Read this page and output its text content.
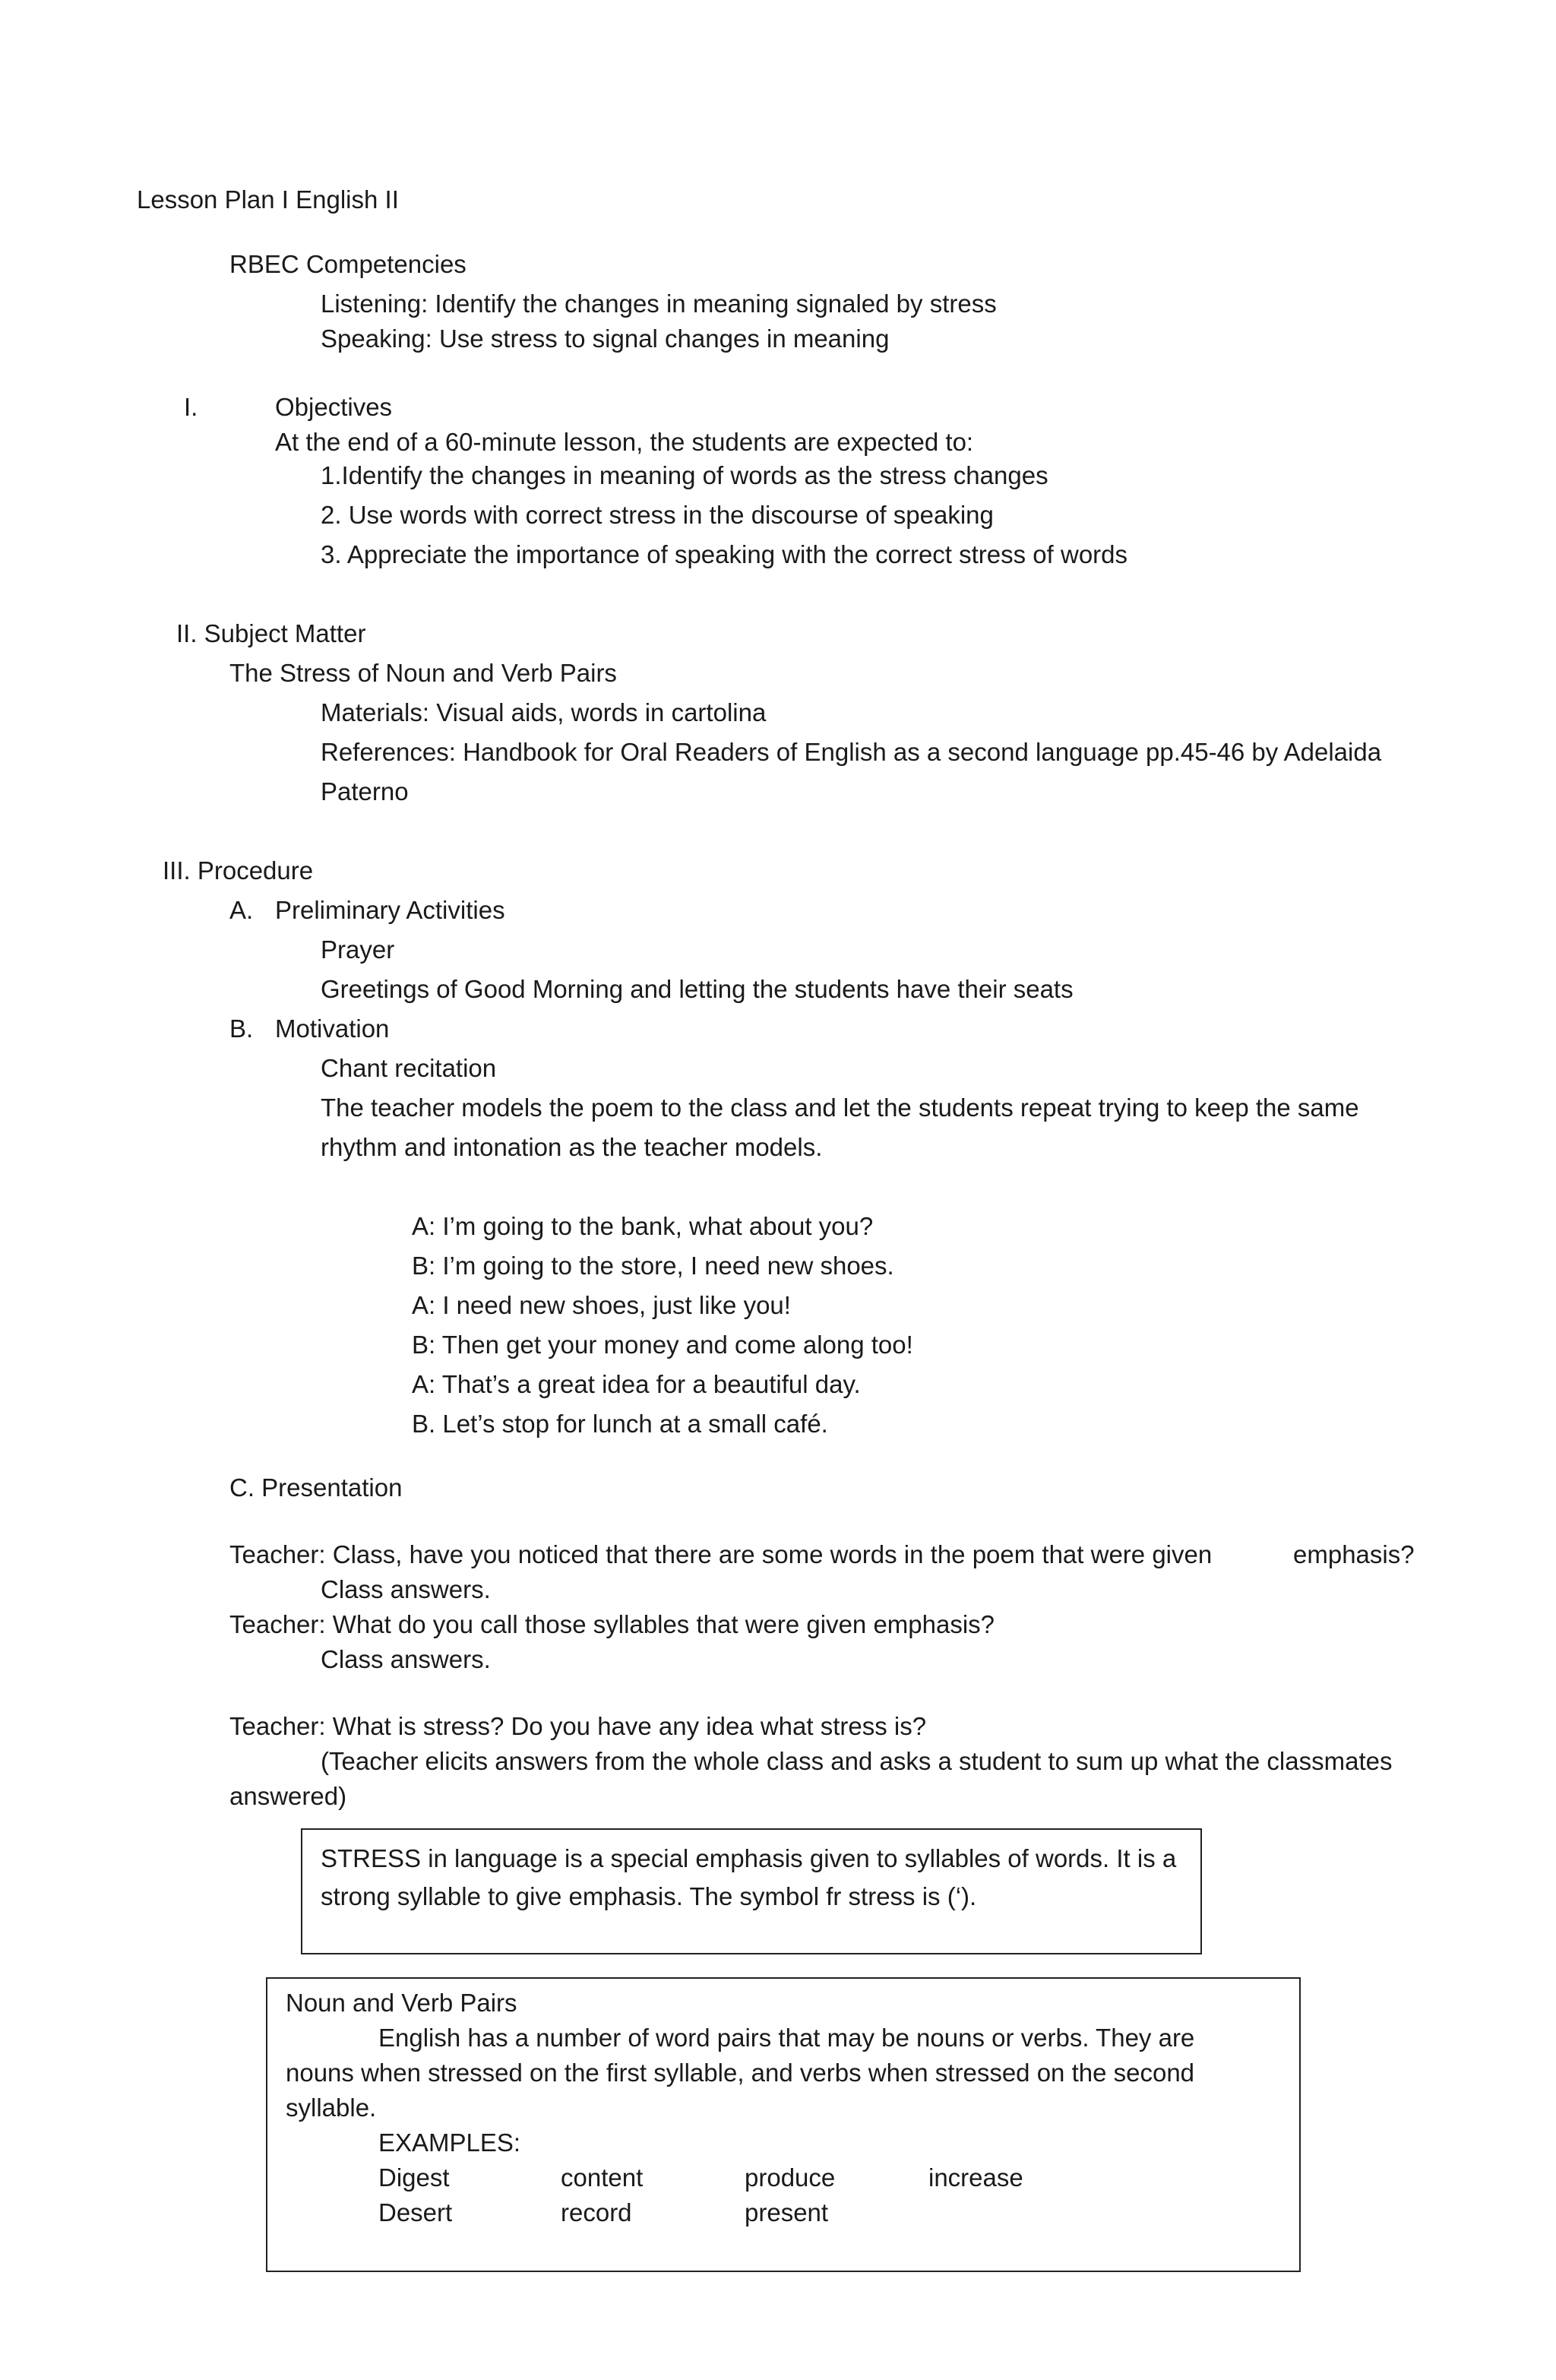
Lesson Plan I English II

RBEC Competencies

Listening: Identify the changes in meaning signaled by stress

Speaking: Use stress to signal changes in meaning

I.	Objectives

At the end of a 60-minute lesson, the students are expected to:

1.Identify the changes in meaning of words as the stress changes

2. Use words with correct stress in the discourse of speaking

3. Appreciate the importance of speaking with the correct stress of words

II. Subject Matter

The Stress of Noun and Verb Pairs

Materials: Visual aids, words in cartolina

References: Handbook for Oral Readers of English as a second language pp.45-46 by Adelaida

Paterno

III. Procedure

A. Preliminary Activities

Prayer

Greetings of Good Morning and letting the students have their seats

B. Motivation

Chant recitation

The teacher models the poem to the class and let the students repeat trying to keep the same

rhythm and intonation as the teacher models.

A: I’m going to the bank, what about you?

B: I’m going to the store, I need new shoes.

A: I need new shoes, just like you!

B: Then get your money and come along too!

A: That’s a great idea for a beautiful day.

B. Let’s stop for lunch at a small café.

C. Presentation

Teacher: Class, have you noticed that there are some words in the poem that were given	emphasis?

Class answers.

Teacher: What do you call those syllables that were given emphasis?

Class answers.

Teacher: What is stress? Do you have any idea what stress is?

(Teacher elicits answers from the whole class and asks a student to sum up what the classmates

answered)

STRESS in language is a special emphasis given to syllables of words. It is a

strong syllable to give emphasis. The symbol fr stress is (‘).

Noun and Verb Pairs

English has a number of word pairs that may be nouns or verbs. They are

nouns when stressed on the first syllable, and verbs when stressed on the second

syllable.

EXAMPLES:

Digest	content	produce	increase

Desert	record	present
